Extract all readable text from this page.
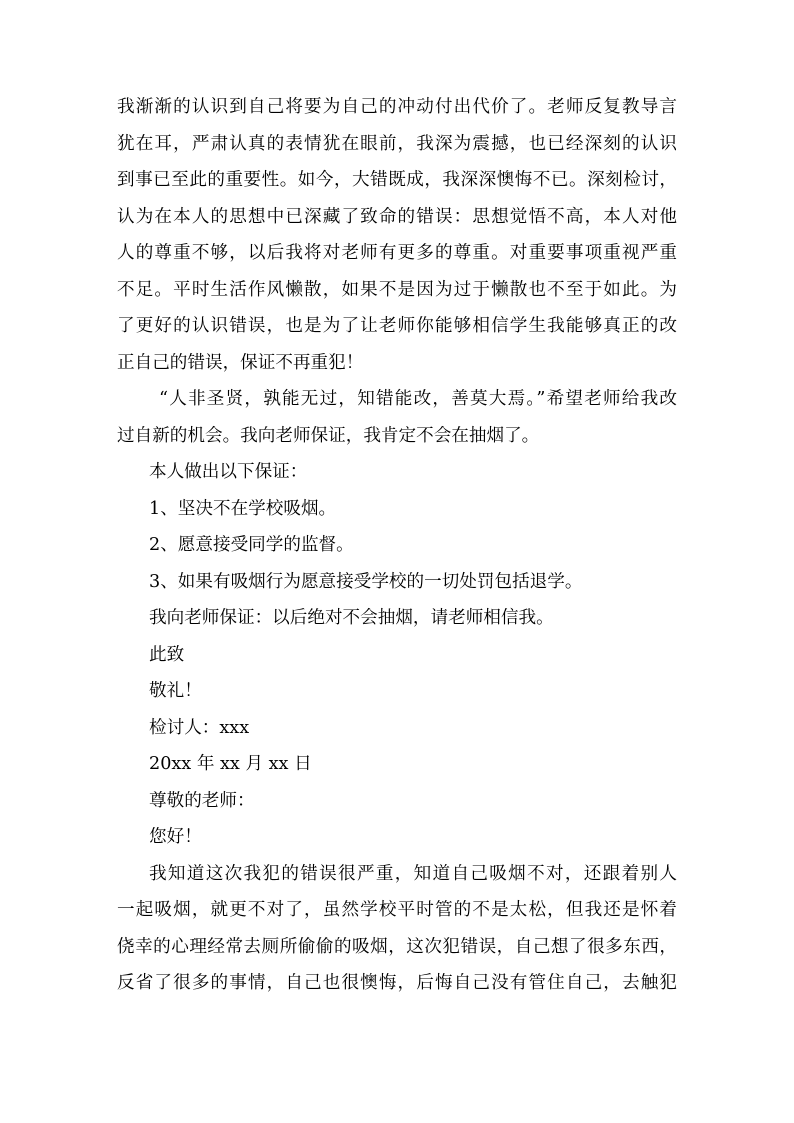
我渐渐的认识到自己将要为自己的冲动付出代价了。老师反复教导言
犹在耳，严肃认真的表情犹在眼前，我深为震撼，也已经深刻的认识
到事已至此的重要性。如今，大错既成，我深深懊悔不已。深刻检讨，
认为在本人的思想中已深藏了致命的错误：思想觉悟不高，本人对他
人的尊重不够，以后我将对老师有更多的尊重。对重要事项重视严重
不足。平时生活作风懒散，如果不是因为过于懒散也不至于如此。为
了更好的认识错误，也是为了让老师你能够相信学生我能够真正的改
正自己的错误，保证不再重犯！
“人非圣贤，孰能无过，知错能改，善莫大焉。”希望老师给我改
过自新的机会。我向老师保证，我肯定不会在抽烟了。
本人做出以下保证：
1、坚决不在学校吸烟。
2、愿意接受同学的监督。
3、如果有吸烟行为愿意接受学校的一切处罚包括退学。
我向老师保证：以后绝对不会抽烟，请老师相信我。
此致
敬礼！
检讨人：xxx
20xx 年 xx 月 xx 日
尊敬的老师：
您好！
我知道这次我犯的错误很严重，知道自己吸烟不对，还跟着别人
一起吸烟，就更不对了，虽然学校平时管的不是太松，但我还是怀着
侥幸的心理经常去厕所偷偷的吸烟，这次犯错误，自己想了很多东西，
反省了很多的事情，自己也很懊悔，后悔自己没有管住自己，去触犯
